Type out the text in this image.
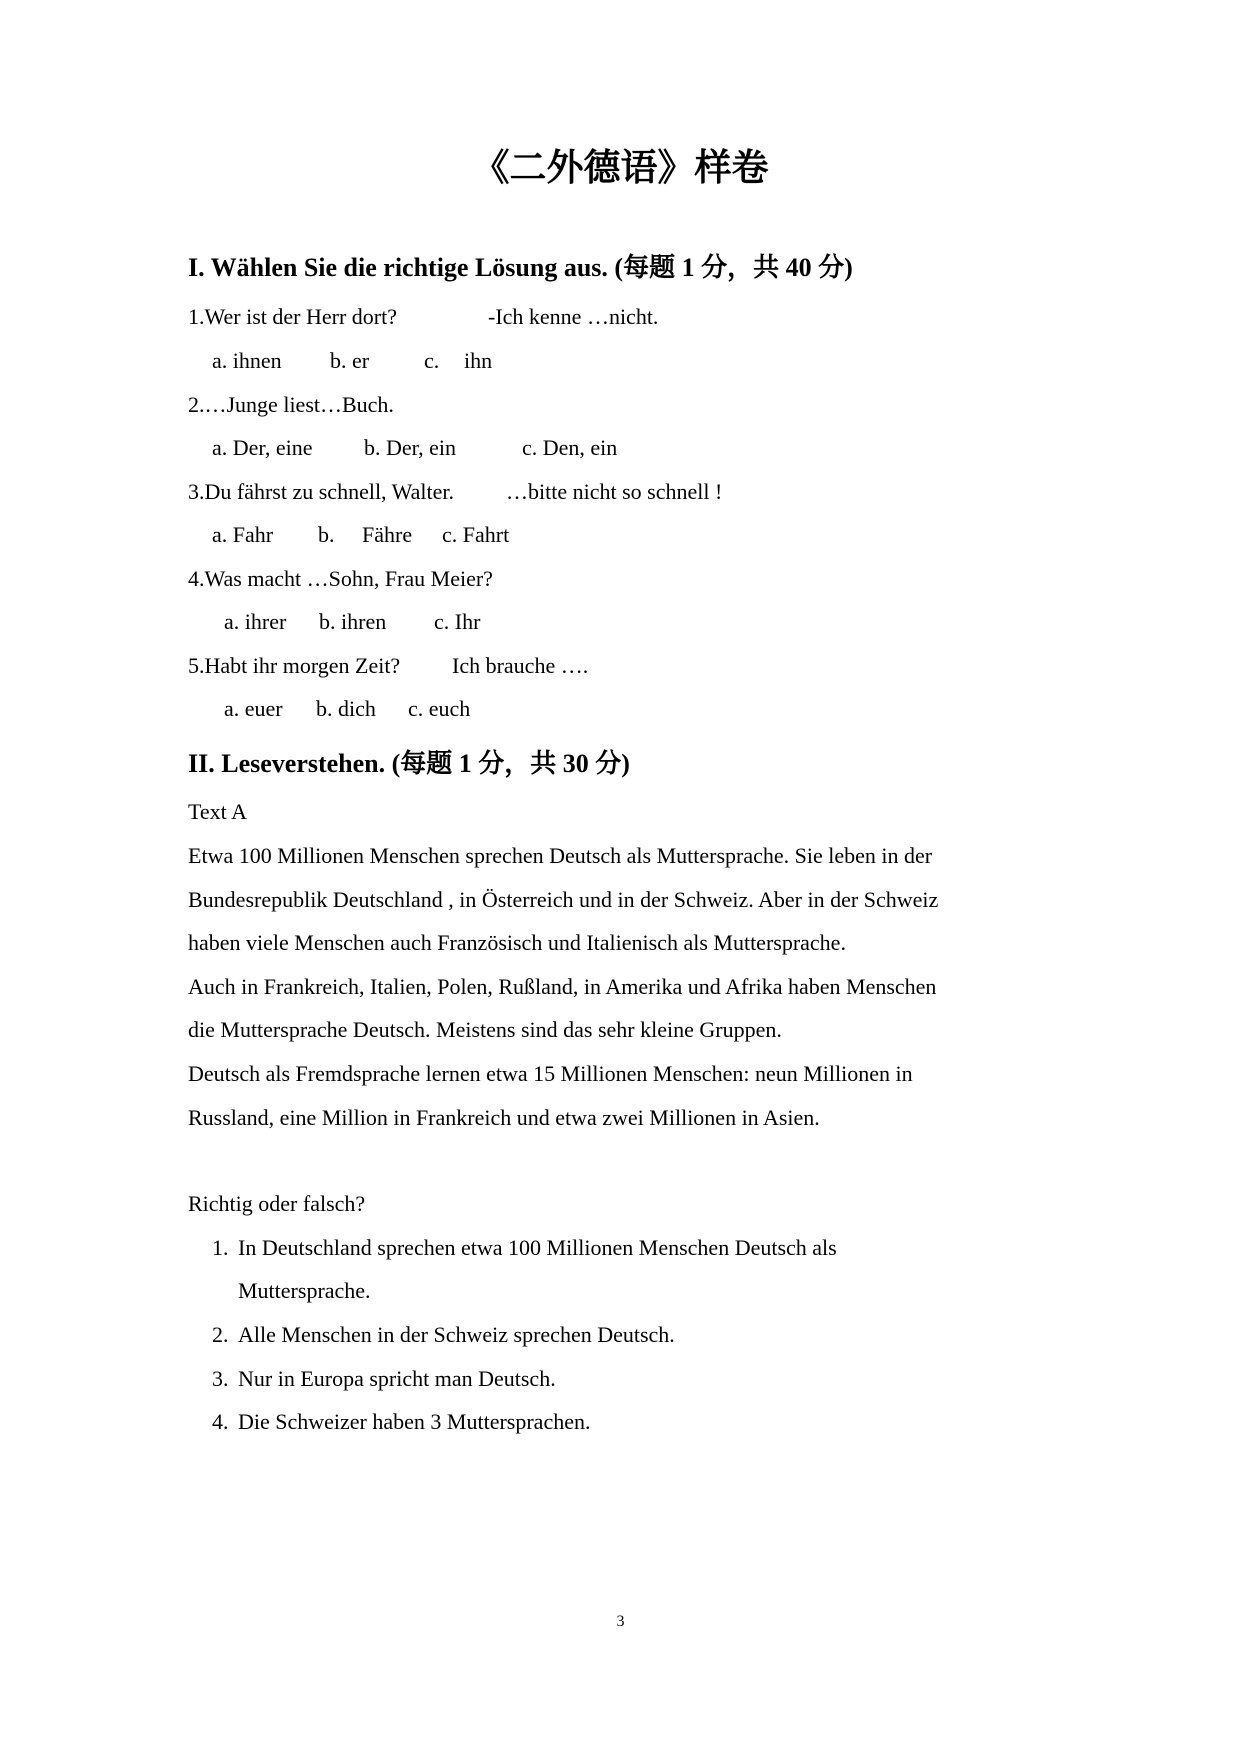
《二外德语》样卷
I. Wählen Sie die richtige Lösung aus. (每题 1 分，共 40 分)
1.Wer ist der Herr dort?	-Ich kenne …nicht.
a. ihnen b. er c. ihn
2.…Junge liest…Buch.
a. Der, eine b. Der, ein	c. Den, ein
3.Du fährst zu schnell, Walter. …bitte nicht so schnell !
a. Fahr b. Fähre c. Fahrt
4.Was macht …Sohn, Frau Meier?
a. ihrer b. ihren c. Ihr
5.Habt ihr morgen Zeit? Ich brauche ….
a. euer b. dich c. euch
II. Leseverstehen. (每题 1 分，共 30 分)
Text A
Etwa 100 Millionen Menschen sprechen Deutsch als Muttersprache. Sie leben in der
Bundesrepublik Deutschland , in Österreich und in der Schweiz. Aber in der Schweiz
haben viele Menschen auch Französisch und Italienisch als Muttersprache.
Auch in Frankreich, Italien, Polen, Rußland, in Amerika und Afrika haben Menschen
die Muttersprache Deutsch. Meistens sind das sehr kleine Gruppen.
Deutsch als Fremdsprache lernen etwa 15 Millionen Menschen: neun Millionen in
Russland, eine Million in Frankreich und etwa zwei Millionen in Asien.
Richtig oder falsch?
1. In Deutschland sprechen etwa 100 Millionen Menschen Deutsch als
Muttersprache.
2. Alle Menschen in der Schweiz sprechen Deutsch.
3. Nur in Europa spricht man Deutsch.
4. Die Schweizer haben 3 Muttersprachen.
3
